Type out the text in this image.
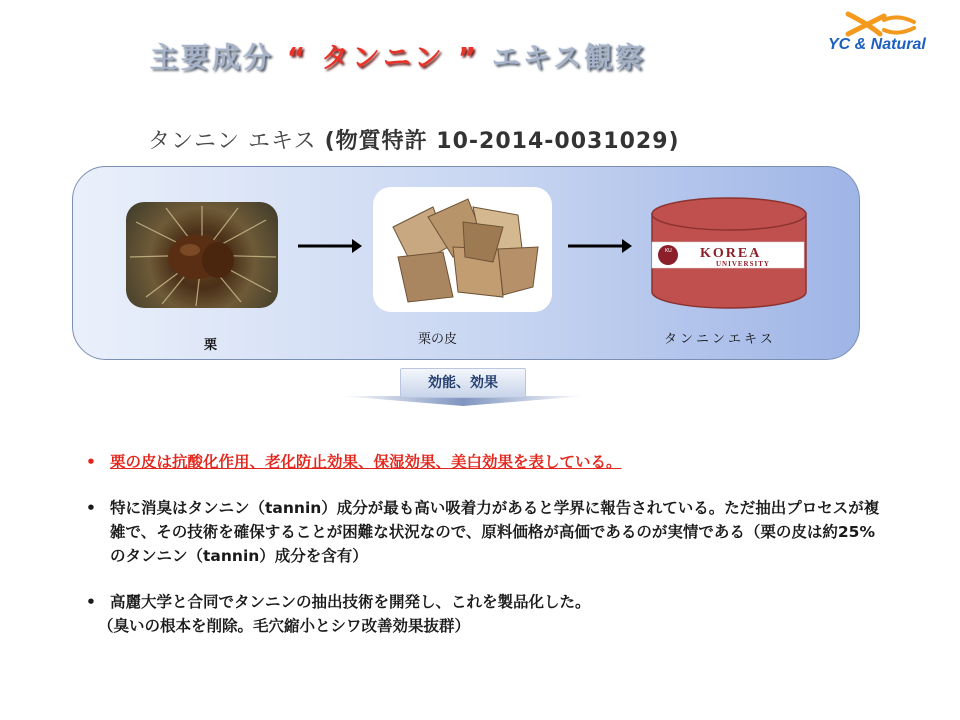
主要成分 “ タンニン ” エキス観察	YC & Natural
タンニン エキス (物質特許 10-2014-0031029)
KU KOREA
UNIVERSITY
栗	栗の皮	タンニンエキス
効能、効果
• 栗の皮は抗酸化作用、老化防止効果、保湿効果、美白効果を表している。
• 特に消臭はタンニン（tannin）成分が最も高い吸着力があると学界に報告されている。ただ抽出プロセスが複雑で、その技術を確保することが困難な状況なので、原料価格が高価であるのが実情である（栗の皮は約25%のタンニン（tannin）成分を含有）
• 高麗大学と合同でタンニンの抽出技術を開発し、これを製品化した。
（臭いの根本を削除。毛穴縮小とシワ改善効果抜群）
